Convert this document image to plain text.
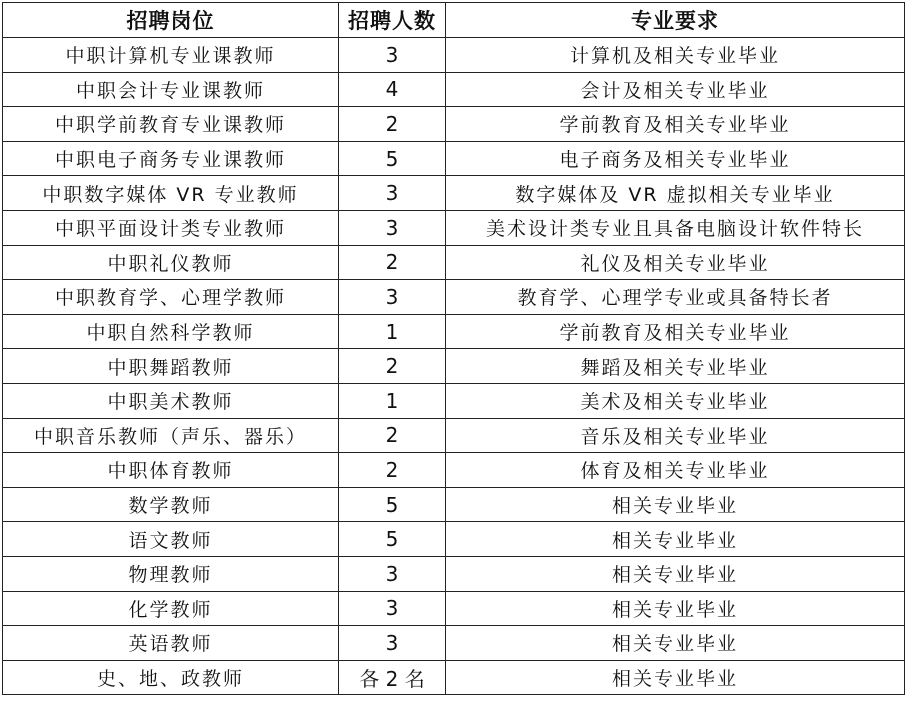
招聘岗位	招聘人数	专业要求
中职计算机专业课教师	3	计算机及相关专业毕业
中职会计专业课教师	4	会计及相关专业毕业
中职学前教育专业课教师	2	学前教育及相关专业毕业
中职电子商务专业课教师	5	电子商务及相关专业毕业
中职数字媒体 VR 专业教师	3	数字媒体及 VR 虚拟相关专业毕业
中职平面设计类专业教师	3	美术设计类专业且具备电脑设计软件特长
中职礼仪教师	2	礼仪及相关专业毕业
中职教育学、心理学教师	3	教育学、心理学专业或具备特长者
中职自然科学教师	1	学前教育及相关专业毕业
中职舞蹈教师	2	舞蹈及相关专业毕业
中职美术教师	1	美术及相关专业毕业
中职音乐教师（声乐、器乐）	2	音乐及相关专业毕业
中职体育教师	2	体育及相关专业毕业
数学教师	5	相关专业毕业
语文教师	5	相关专业毕业
物理教师	3	相关专业毕业
化学教师	3	相关专业毕业
英语教师	3	相关专业毕业
史、地、政教师	各 2 名	相关专业毕业
